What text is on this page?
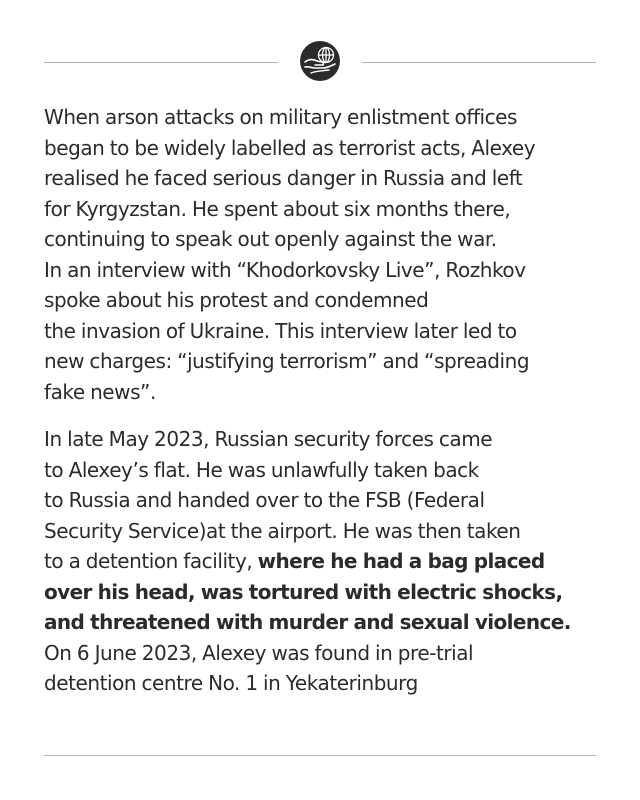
When arson attacks on military enlistment offices
began to be widely labelled as terrorist acts, Alexey
realised he faced serious danger in Russia and left
for Kyrgyzstan. He spent about six months there,
continuing to speak out openly against the war.
In an interview with “Khodorkovsky Live”, Rozhkov
spoke about his protest and condemned
the invasion of Ukraine. This interview later led to
new charges: “justifying terrorism” and “spreading
fake news”.

In late May 2023, Russian security forces came
to Alexey’s flat. He was unlawfully taken back
to Russia and handed over to the FSB (Federal
Security Service)at the airport. He was then taken
to a detention facility, where he had a bag placed
over his head, was tortured with electric shocks,
and threatened with murder and sexual violence.
On 6 June 2023, Alexey was found in pre-trial
detention centre No. 1 in Yekaterinburg
